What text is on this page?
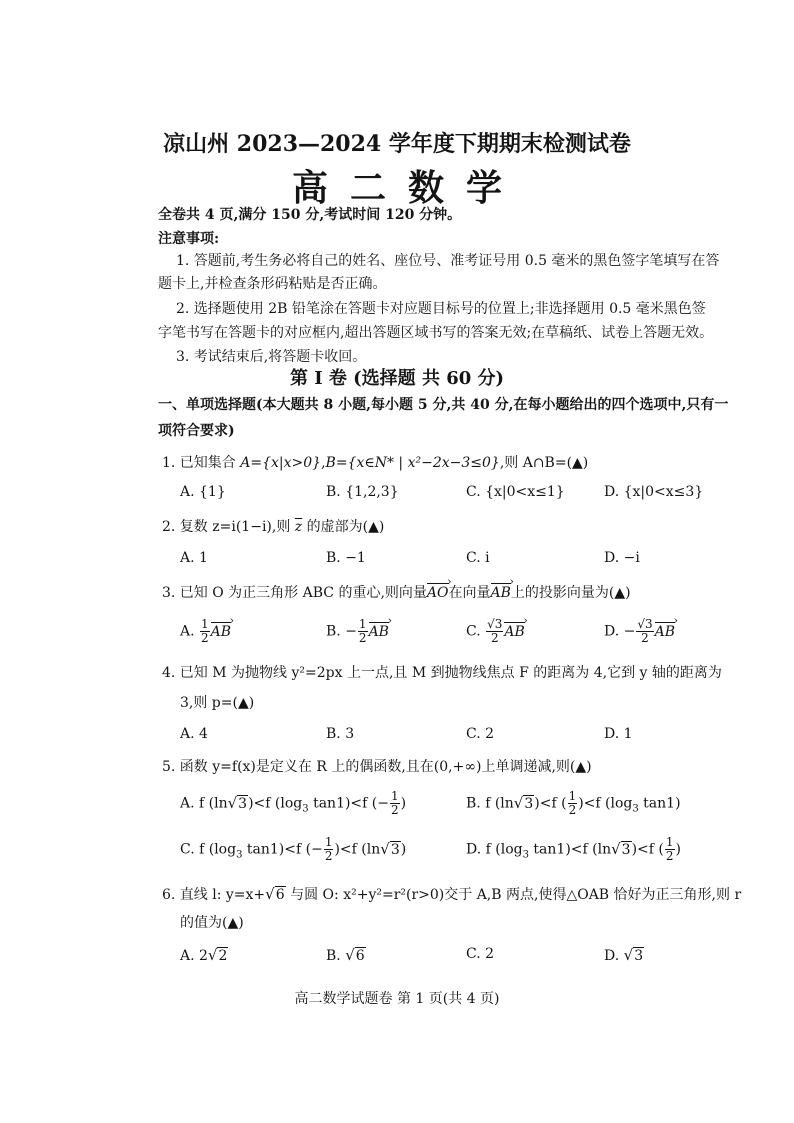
凉山州 2023—2024 学年度下期期末检测试卷
高二数学
全卷共 4 页,满分 150 分,考试时间 120 分钟。
注意事项:
1. 答题前,考生务必将自己的姓名、座位号、准考证号用 0.5 毫米的黑色签字笔填写在答
题卡上,并检查条形码粘贴是否正确。
2. 选择题使用 2B 铅笔涂在答题卡对应题目标号的位置上;非选择题用 0.5 毫米黑色签
字笔书写在答题卡的对应框内,超出答题区域书写的答案无效;在草稿纸、试卷上答题无效。
3. 考试结束后,将答题卡收回。
第 Ⅰ 卷 (选择题 共 60 分)
一、单项选择题(本大题共 8 小题,每小题 5 分,共 40 分,在每小题给出的四个选项中,只有一
项符合要求)
1. 已知集合 A={x|x>0},B={x∈N* | x²−2x−3≤0},则 A∩B=(▲)
A. {1}	B. {1,2,3}	C. {x|0<x≤1}	D. {x|0<x≤3}
2. 复数 z=i(1−i),则 $\overline{z}$ 的虚部为(▲)
A. 1	B. −1	C. i	D. −i
3. 已知 O 为正三角形 ABC 的重心,则向量› AO在向量› AB上的投影向量为(▲)
A. $\frac{1}{2}$ › AB	B. − $\frac{1}{2}$ › AB	C. $\frac{√3}{2}$ › AB	D. − $\frac{√3}{2}$ › AB
4. 已知 M 为抛物线 y²=2px 上一点,且 M 到抛物线焦点 F 的距离为 4,它到 y 轴的距离为
3,则 p=(▲)
A. 4	B. 3	C. 2	D. 1
5. 函数 y=f(x)是定义在 R 上的偶函数,且在(0,+∞)上单调递减,则(▲)
A. f (ln√3)<f ($\log_3$ tan1)<f (− $\frac{1}{2}$ )	B. f (ln√3)<f ( $\frac{1}{2} )<f$ ($\log_3$ tan1)
C. f ($\log_3$ tan1)<f (− $\frac{1}{2} )<f$ (ln√3)	D. f ($\log_3$ tan1)<f (ln√3)<f ( $\frac{1}{2}$ )
6. 直线 l: y=x+√6 与圆 O: x²+y²=r²(r>0)交于 A,B 两点,使得△OAB 恰好为正三角形,则 r
的值为(▲)
A. 2√2	B. √6	C. 2	D. √3
高二数学试题卷 第 1 页(共 4 页)
